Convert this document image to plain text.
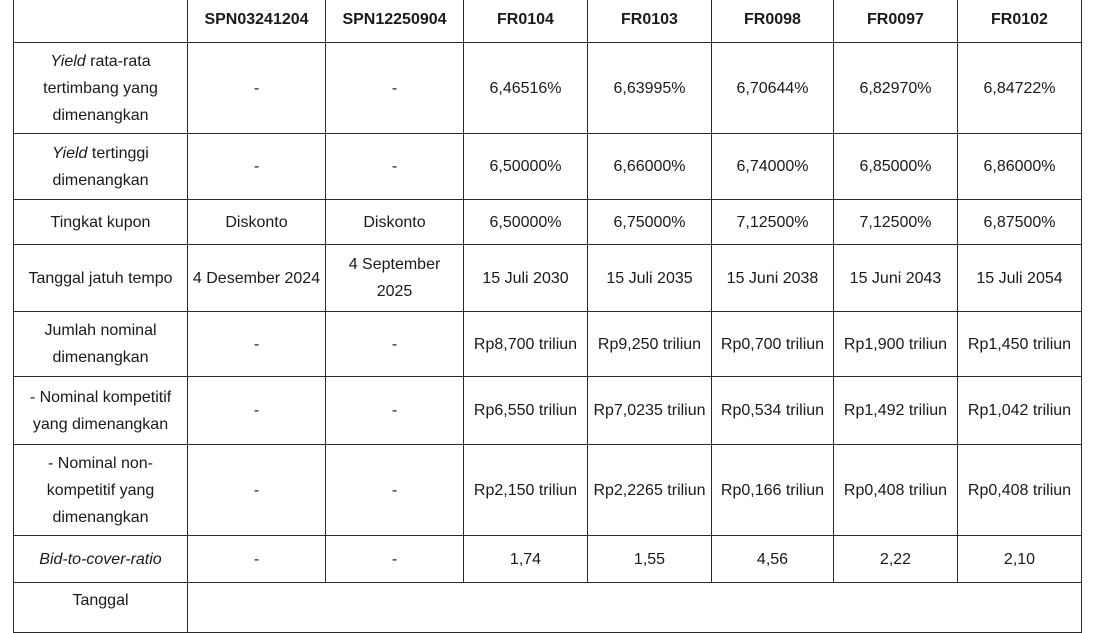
	SPN03241204	SPN12250904	FR0104	FR0103	FR0098	FR0097	FR0102
Yield rata-rata tertimbang yang dimenangkan	-	-	6,46516%	6,63995%	6,70644%	6,82970%	6,84722%
Yield tertinggi dimenangkan	-	-	6,50000%	6,66000%	6,74000%	6,85000%	6,86000%
Tingkat kupon	Diskonto	Diskonto	6,50000%	6,75000%	7,12500%	7,12500%	6,87500%
Tanggal jatuh tempo	4 Desember 2024	4 September 2025	15 Juli 2030	15 Juli 2035	15 Juni 2038	15 Juni 2043	15 Juli 2054
Jumlah nominal dimenangkan	-	-	Rp8,700 triliun	Rp9,250 triliun	Rp0,700 triliun	Rp1,900 triliun	Rp1,450 triliun
- Nominal kompetitif yang dimenangkan	-	-	Rp6,550 triliun	Rp7,0235 triliun	Rp0,534 triliun	Rp1,492 triliun	Rp1,042 triliun
- Nominal non-kompetitif yang dimenangkan	-	-	Rp2,150 triliun	Rp2,2265 triliun	Rp0,166 triliun	Rp0,408 triliun	Rp0,408 triliun
Bid-to-cover-ratio	-	-	1,74	1,55	4,56	2,22	2,10
Tanggal							
